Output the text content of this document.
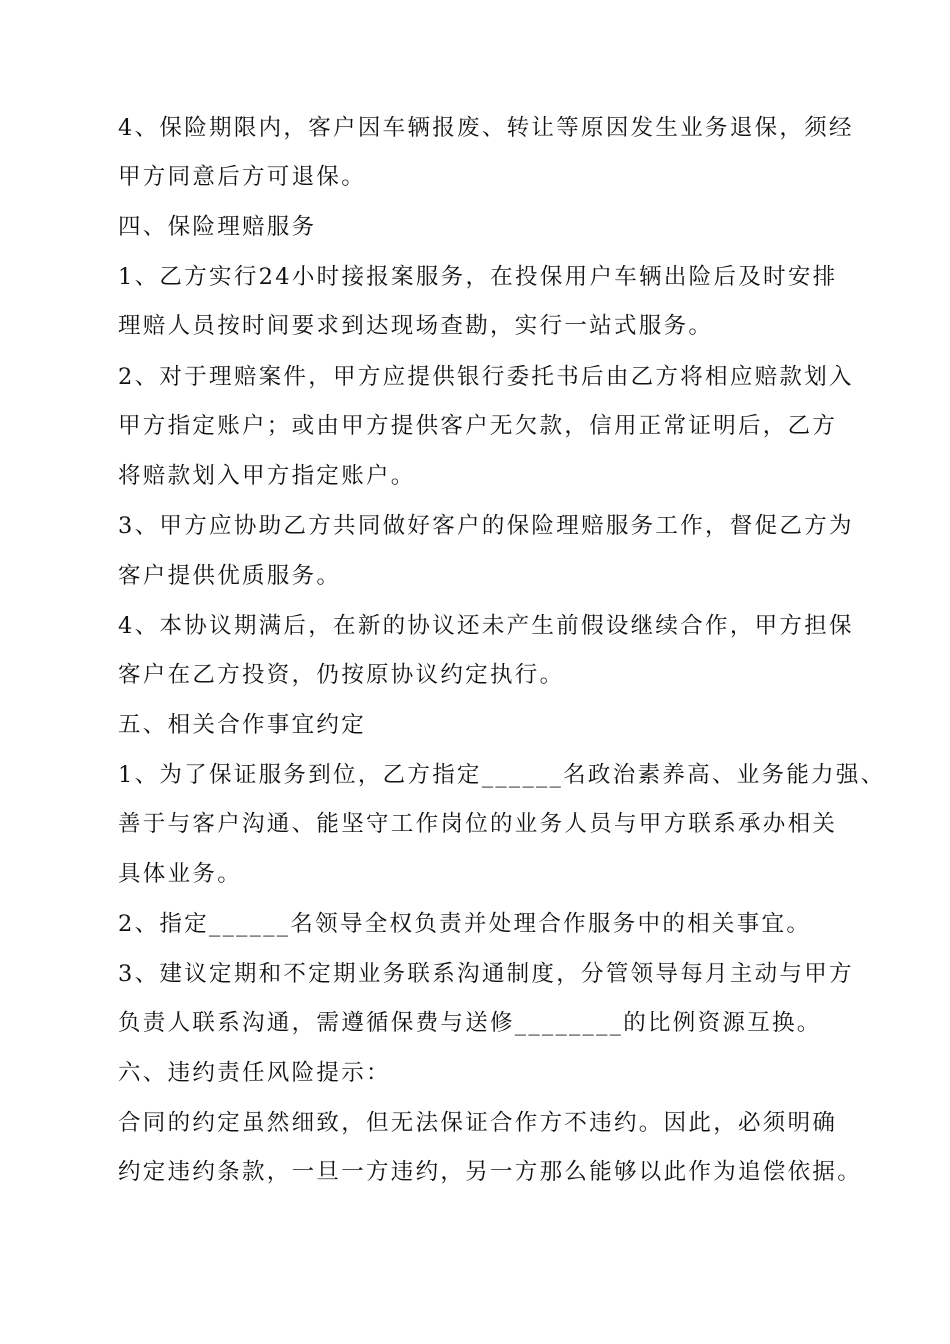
4、保险期限内，客户因车辆报废、转让等原因发生业务退保，须经
甲方同意后方可退保。
四、保险理赔服务
1、乙方实行24小时接报案服务，在投保用户车辆出险后及时安排
理赔人员按时间要求到达现场查勘，实行一站式服务。
2、对于理赔案件，甲方应提供银行委托书后由乙方将相应赔款划入
甲方指定账户；或由甲方提供客户无欠款，信用正常证明后，乙方
将赔款划入甲方指定账户。
3、甲方应协助乙方共同做好客户的保险理赔服务工作，督促乙方为
客户提供优质服务。
4、本协议期满后，在新的协议还未产生前假设继续合作，甲方担保
客户在乙方投资，仍按原协议约定执行。
五、相关合作事宜约定
1、为了保证服务到位，乙方指定______名政治素养高、业务能力强、
善于与客户沟通、能坚守工作岗位的业务人员与甲方联系承办相关
具体业务。
2、指定______名领导全权负责并处理合作服务中的相关事宜。
3、建议定期和不定期业务联系沟通制度，分管领导每月主动与甲方
负责人联系沟通，需遵循保费与送修________的比例资源互换。
六、违约责任风险提示：
合同的约定虽然细致，但无法保证合作方不违约。因此，必须明确
约定违约条款，一旦一方违约，另一方那么能够以此作为追偿依据。
